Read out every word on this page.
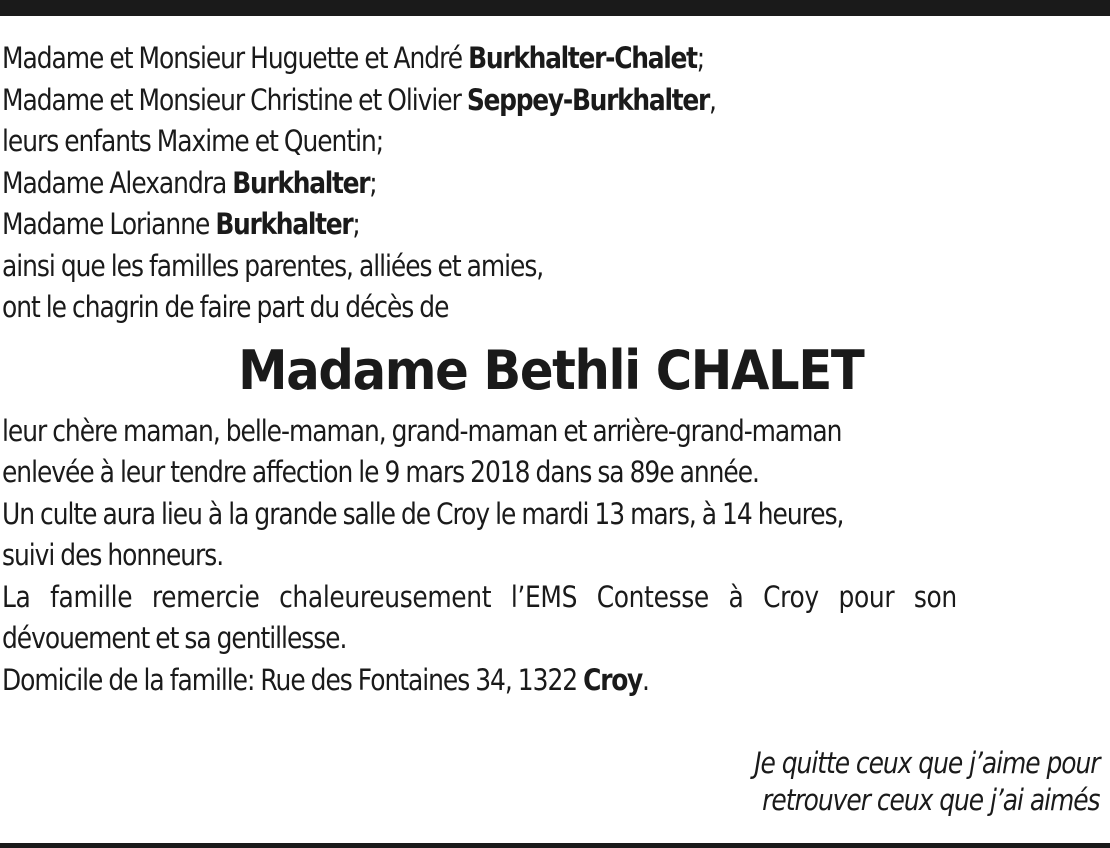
Madame et Monsieur Huguette et André Burkhalter-Chalet;
Madame et Monsieur Christine et Olivier Seppey-Burkhalter,
leurs enfants Maxime et Quentin;
Madame Alexandra Burkhalter;
Madame Lorianne Burkhalter;
ainsi que les familles parentes, alliées et amies,
ont le chagrin de faire part du décès de
Madame Bethli CHALET
leur chère maman, belle-maman, grand-maman et arrière-grand-maman
enlevée à leur tendre affection le 9 mars 2018 dans sa 89e année.
Un culte aura lieu à la grande salle de Croy le mardi 13 mars, à 14 heures,
suivi des honneurs.
La famille remercie chaleureusement l’EMS Contesse à Croy pour son
dévouement et sa gentillesse.
Domicile de la famille: Rue des Fontaines 34, 1322 Croy.
Je quitte ceux que j’aime pour
retrouver ceux que j’ai aimés
